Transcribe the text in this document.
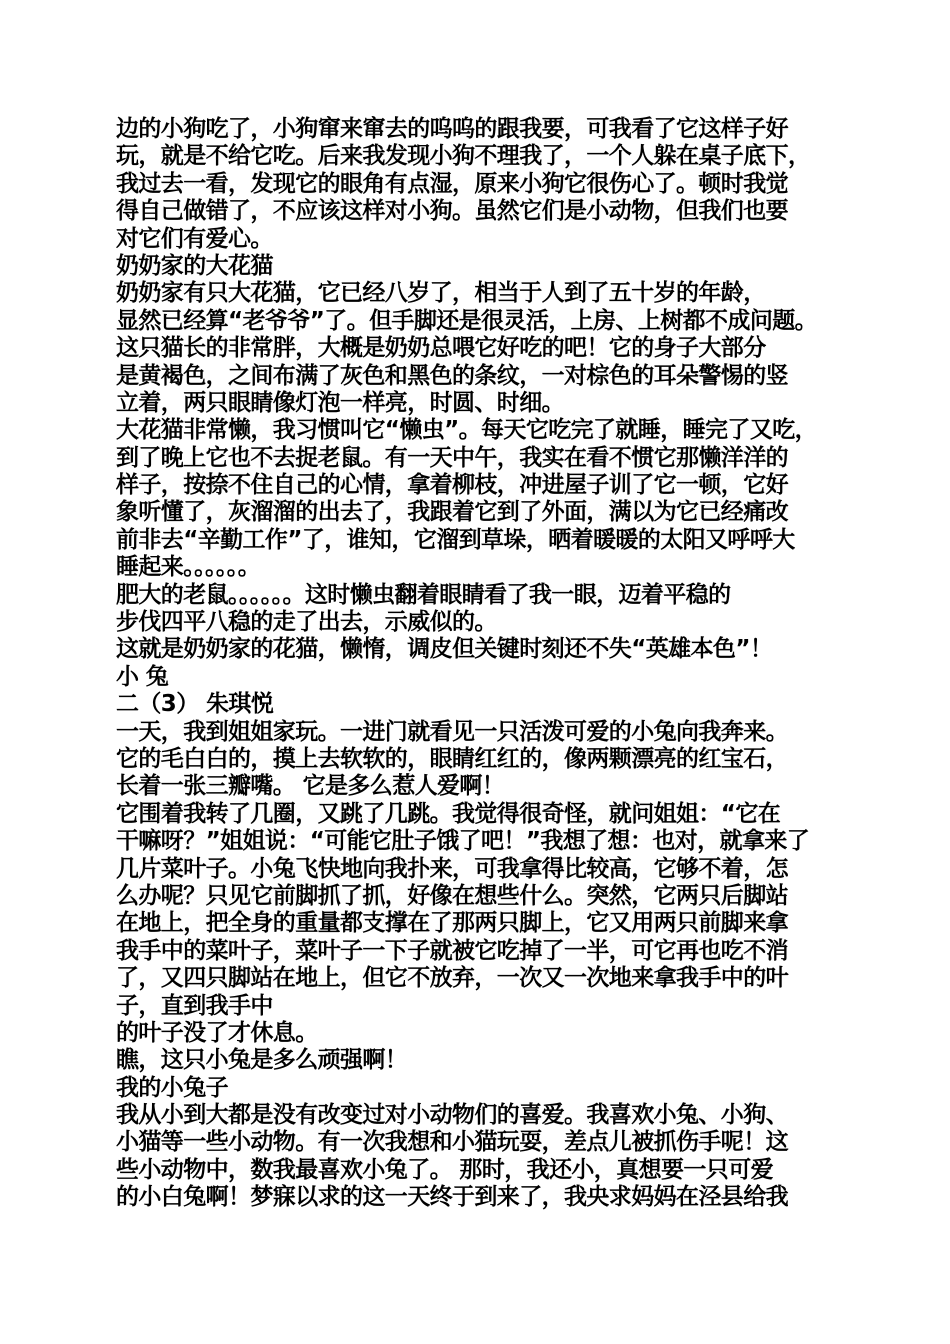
边的小狗吃了，小狗窜来窜去的呜呜的跟我要，可我看了它这样子好
玩，就是不给它吃。后来我发现小狗不理我了，一个人躲在桌子底下，
我过去一看，发现它的眼角有点湿，原来小狗它很伤心了。顿时我觉
得自己做错了，不应该这样对小狗。虽然它们是小动物，但我们也要
对它们有爱心。
奶奶家的大花猫
奶奶家有只大花猫，它已经八岁了，相当于人到了五十岁的年龄，
显然已经算“老爷爷”了。但手脚还是很灵活，上房、上树都不成问题。
这只猫长的非常胖，大概是奶奶总喂它好吃的吧！它的身子大部分
是黄褐色，之间布满了灰色和黑色的条纹，一对棕色的耳朵警惕的竖
立着，两只眼睛像灯泡一样亮，时圆、时细。
大花猫非常懒，我习惯叫它“懒虫”。每天它吃完了就睡，睡完了又吃，
到了晚上它也不去捉老鼠。有一天中午，我实在看不惯它那懒洋洋的
样子，按捺不住自己的心情，拿着柳枝，冲进屋子训了它一顿，它好
象听懂了，灰溜溜的出去了，我跟着它到了外面，满以为它已经痛改
前非去“辛勤工作”了，谁知，它溜到草垛，晒着暖暖的太阳又呼呼大
睡起来。。。。。。
肥大的老鼠。。。。。。这时懒虫翻着眼睛看了我一眼，迈着平稳的
步伐四平八稳的走了出去，示威似的。
这就是奶奶家的花猫，懒惰，调皮但关键时刻还不失“英雄本色”！
小 兔
二（3） 朱琪悦
一天，我到姐姐家玩。一进门就看见一只活泼可爱的小兔向我奔来。
它的毛白白的，摸上去软软的，眼睛红红的，像两颗漂亮的红宝石，
长着一张三瓣嘴。 它是多么惹人爱啊！
它围着我转了几圈，又跳了几跳。我觉得很奇怪，就问姐姐：“它在
干嘛呀？”姐姐说：“可能它肚子饿了吧！”我想了想：也对，就拿来了
几片菜叶子。小兔飞快地向我扑来，可我拿得比较高，它够不着，怎
么办呢？只见它前脚抓了抓，好像在想些什么。突然，它两只后脚站
在地上，把全身的重量都支撑在了那两只脚上，它又用两只前脚来拿
我手中的菜叶子，菜叶子一下子就被它吃掉了一半，可它再也吃不消
了，又四只脚站在地上，但它不放弃，一次又一次地来拿我手中的叶
子，直到我手中
的叶子没了才休息。
瞧，这只小兔是多么顽强啊！
我的小兔子
我从小到大都是没有改变过对小动物们的喜爱。我喜欢小兔、小狗、
小猫等一些小动物。有一次我想和小猫玩耍，差点儿被抓伤手呢！这
些小动物中，数我最喜欢小兔了。 那时，我还小，真想要一只可爱
的小白兔啊！梦寐以求的这一天终于到来了，我央求妈妈在泾县给我
